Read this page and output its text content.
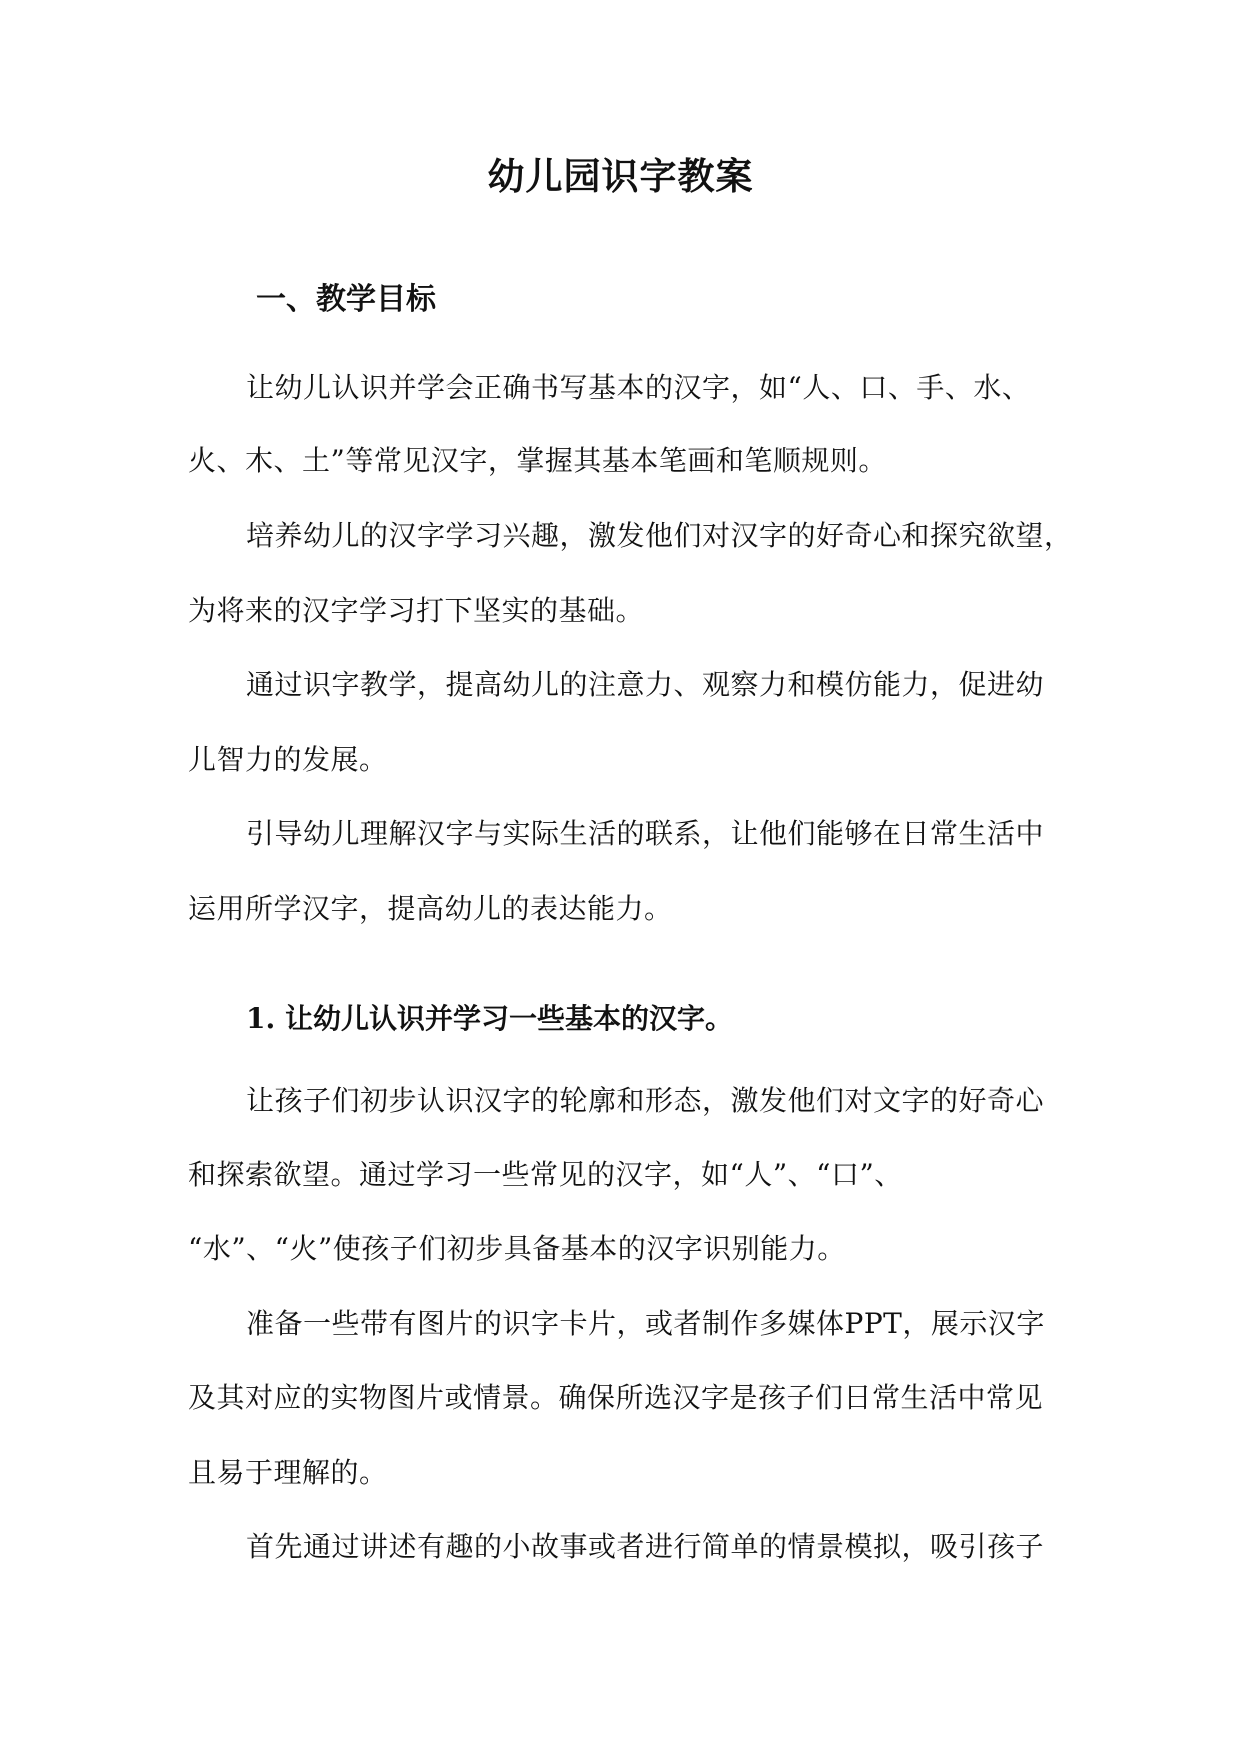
幼儿园识字教案
一、教学目标
让幼儿认识并学会正确书写基本的汉字，如“人、口、手、水、
火、木、土”等常见汉字，掌握其基本笔画和笔顺规则。
培养幼儿的汉字学习兴趣，激发他们对汉字的好奇心和探究欲望，
为将来的汉字学习打下坚实的基础。
通过识字教学，提高幼儿的注意力、观察力和模仿能力，促进幼
儿智力的发展。
引导幼儿理解汉字与实际生活的联系，让他们能够在日常生活中
运用所学汉字，提高幼儿的表达能力。
1. 让幼儿认识并学习一些基本的汉字。
让孩子们初步认识汉字的轮廓和形态，激发他们对文字的好奇心
和探索欲望。通过学习一些常见的汉字，如“人”、“口”、
“水”、“火”使孩子们初步具备基本的汉字识别能力。
准备一些带有图片的识字卡片，或者制作多媒体PPT，展示汉字
及其对应的实物图片或情景。确保所选汉字是孩子们日常生活中常见
且易于理解的。
首先通过讲述有趣的小故事或者进行简单的情景模拟，吸引孩子
